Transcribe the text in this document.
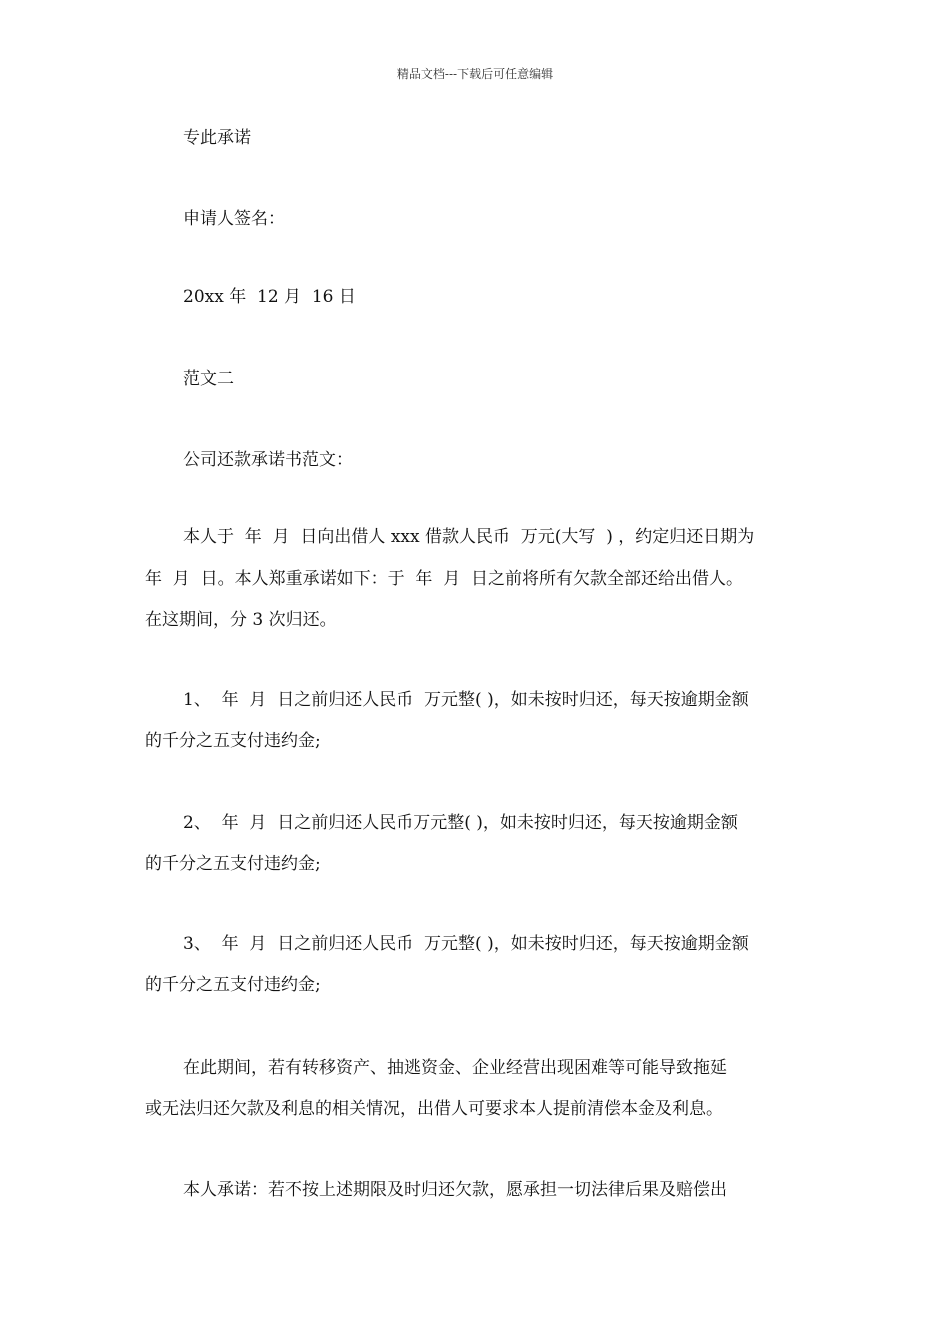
精品文档---下载后可任意编辑
专此承诺
申请人签名：
20xx 年  12 月  16 日
范文二
公司还款承诺书范文：
本人于  年  月  日向出借人 xxx 借款人民币  万元(大写  ) ，约定归还日期为
年  月  日。本人郑重承诺如下：于  年  月  日之前将所有欠款全部还给出借人。
在这期间，分 3 次归还。
1、  年  月  日之前归还人民币  万元整( )，如未按时归还，每天按逾期金额
的千分之五支付违约金;
2、  年  月  日之前归还人民币万元整( )，如未按时归还，每天按逾期金额
的千分之五支付违约金;
3、  年  月  日之前归还人民币  万元整( )，如未按时归还，每天按逾期金额
的千分之五支付违约金;
在此期间，若有转移资产、抽逃资金、企业经营出现困难等可能导致拖延
或无法归还欠款及利息的相关情况，出借人可要求本人提前清偿本金及利息。
本人承诺：若不按上述期限及时归还欠款，愿承担一切法律后果及赔偿出
